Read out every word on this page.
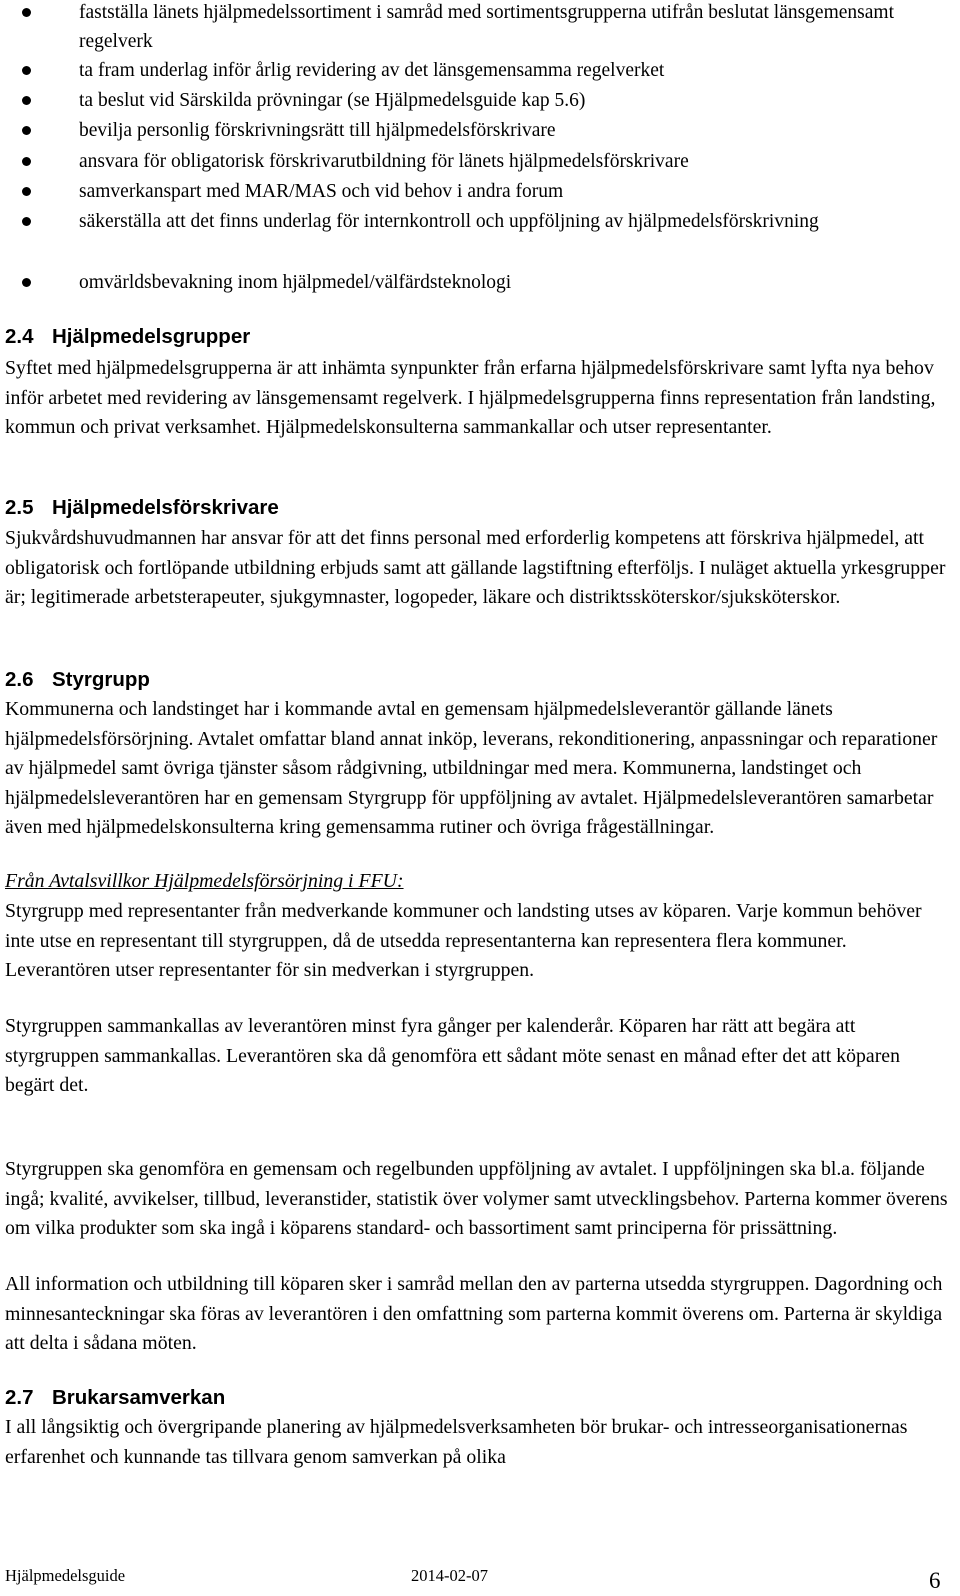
fastställa länets hjälpmedelssortiment i samråd med sortimentsgrupperna utifrån beslutat länsgemensamt regelverk
ta fram underlag inför årlig revidering av det länsgemensamma regelverket
ta beslut vid Särskilda prövningar (se Hjälpmedelsguide kap 5.6)
bevilja personlig förskrivningsrätt till hjälpmedelsförskrivare
ansvara för obligatorisk förskrivarutbildning för länets hjälpmedelsförskrivare
samverkanspart med MAR/MAS och vid behov i andra forum
säkerställa att det finns underlag för internkontroll och uppföljning av hjälpmedelsförskrivning
omvärldsbevakning inom hjälpmedel/välfärdsteknologi
2.4 Hjälpmedelsgrupper

Syftet med hjälpmedelsgrupperna är att inhämta synpunkter från erfarna hjälpmedelsförskrivare samt lyfta nya behov inför arbetet med revidering av länsgemensamt regelverk. I hjälpmedelsgrupperna finns representation från landsting, kommun och privat verksamhet. Hjälpmedelskonsulterna sammankallar och utser representanter.

2.5 Hjälpmedelsförskrivare

Sjukvårdshuvudmannen har ansvar för att det finns personal med erforderlig kompetens att förskriva hjälpmedel, att obligatorisk och fortlöpande utbildning erbjuds samt att gällande lagstiftning efterföljs. I nuläget aktuella yrkesgrupper är; legitimerade arbetsterapeuter, sjukgymnaster, logopeder, läkare och distriktssköterskor/sjuksköterskor.

2.6 Styrgrupp

Kommunerna och landstinget har i kommande avtal en gemensam hjälpmedelsleverantör gällande länets hjälpmedelsförsörjning. Avtalet omfattar bland annat inköp, leverans, rekonditionering, anpassningar och reparationer av hjälpmedel samt övriga tjänster såsom rådgivning, utbildningar med mera. Kommunerna, landstinget och hjälpmedelsleverantören har en gemensam Styrgrupp för uppföljning av avtalet. Hjälpmedelsleverantören samarbetar även med hjälpmedelskonsulterna kring gemensamma rutiner och övriga frågeställningar.

Från Avtalsvillkor Hjälpmedelsförsörjning i FFU:

Styrgrupp med representanter från medverkande kommuner och landsting utses av köparen. Varje kommun behöver inte utse en representant till styrgruppen, då de utsedda representanterna kan representera flera kommuner. Leverantören utser representanter för sin medverkan i styrgruppen.

Styrgruppen sammankallas av leverantören minst fyra gånger per kalenderår. Köparen har rätt att begära att styrgruppen sammankallas. Leverantören ska då genomföra ett sådant möte senast en månad efter det att köparen begärt det.

Styrgruppen ska genomföra en gemensam och regelbunden uppföljning av avtalet. I uppföljningen ska bl.a. följande ingå; kvalité, avvikelser, tillbud, leveranstider, statistik över volymer samt utvecklingsbehov. Parterna kommer överens om vilka produkter som ska ingå i köparens standard- och bassortiment samt principerna för prissättning.

All information och utbildning till köparen sker i samråd mellan den av parterna utsedda styrgruppen. Dagordning och minnesanteckningar ska föras av leverantören i den omfattning som parterna kommit överens om. Parterna är skyldiga att delta i sådana möten.

2.7 Brukarsamverkan

I all långsiktig och övergripande planering av hjälpmedelsverksamheten bör brukar- och intresseorganisationernas erfarenhet och kunnande tas tillvara genom samverkan på olika

Hjälpmedelsguide	2014-02-07	6
